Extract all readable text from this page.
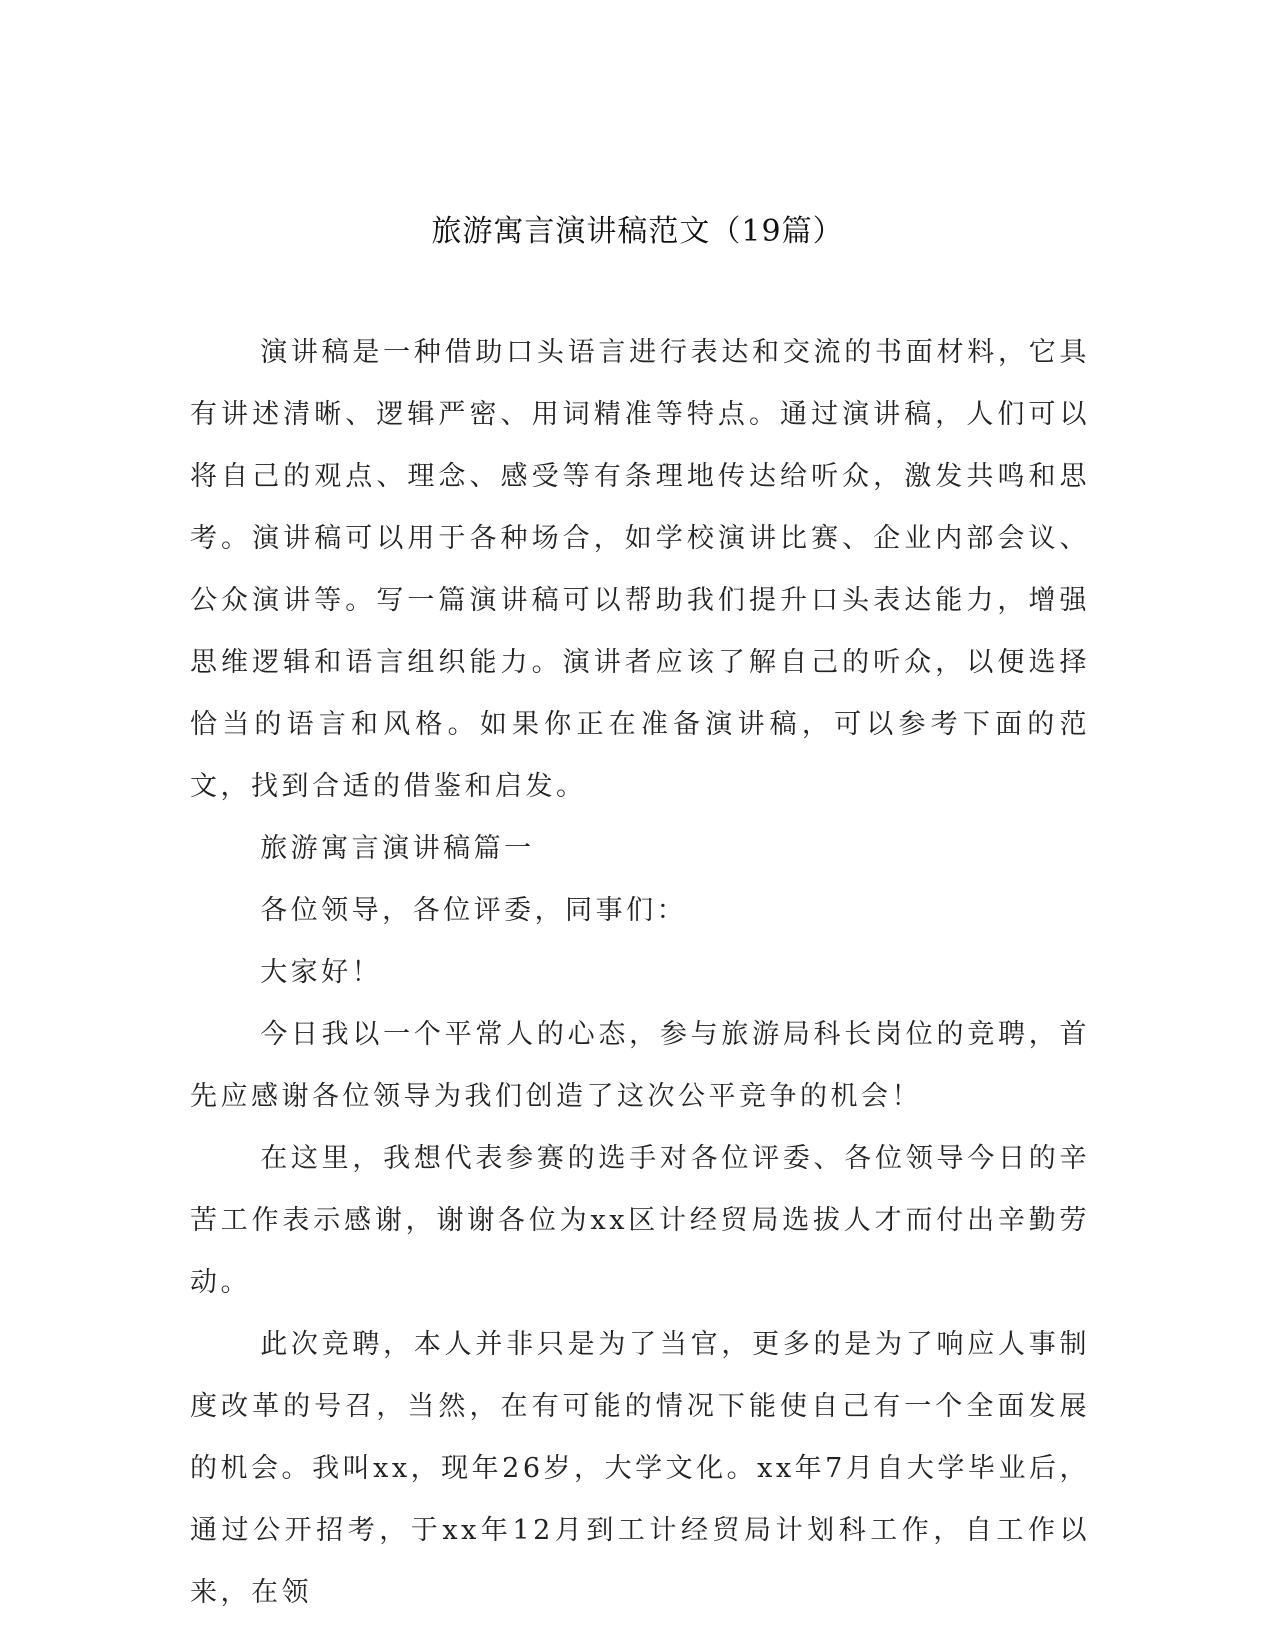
旅游寓言演讲稿范文（19篇）

演讲稿是一种借助口头语言进行表达和交流的书面材料，它具有讲述清晰、逻辑严密、用词精准等特点。通过演讲稿，人们可以将自己的观点、理念、感受等有条理地传达给听众，激发共鸣和思考。演讲稿可以用于各种场合，如学校演讲比赛、企业内部会议、公众演讲等。写一篇演讲稿可以帮助我们提升口头表达能力，增强思维逻辑和语言组织能力。演讲者应该了解自己的听众，以便选择恰当的语言和风格。如果你正在准备演讲稿，可以参考下面的范文，找到合适的借鉴和启发。

旅游寓言演讲稿篇一

各位领导，各位评委，同事们：

大家好！

今日我以一个平常人的心态，参与旅游局科长岗位的竞聘，首先应感谢各位领导为我们创造了这次公平竞争的机会！

在这里，我想代表参赛的选手对各位评委、各位领导今日的辛苦工作表示感谢，谢谢各位为xx区计经贸局选拔人才而付出辛勤劳动。

此次竞聘，本人并非只是为了当官，更多的是为了响应人事制度改革的号召，当然，在有可能的情况下能使自己有一个全面发展的机会。我叫xx，现年26岁，大学文化。xx年7月自大学毕业后，通过公开招考，于xx年12月到工计经贸局计划科工作，自工作以来，在领
